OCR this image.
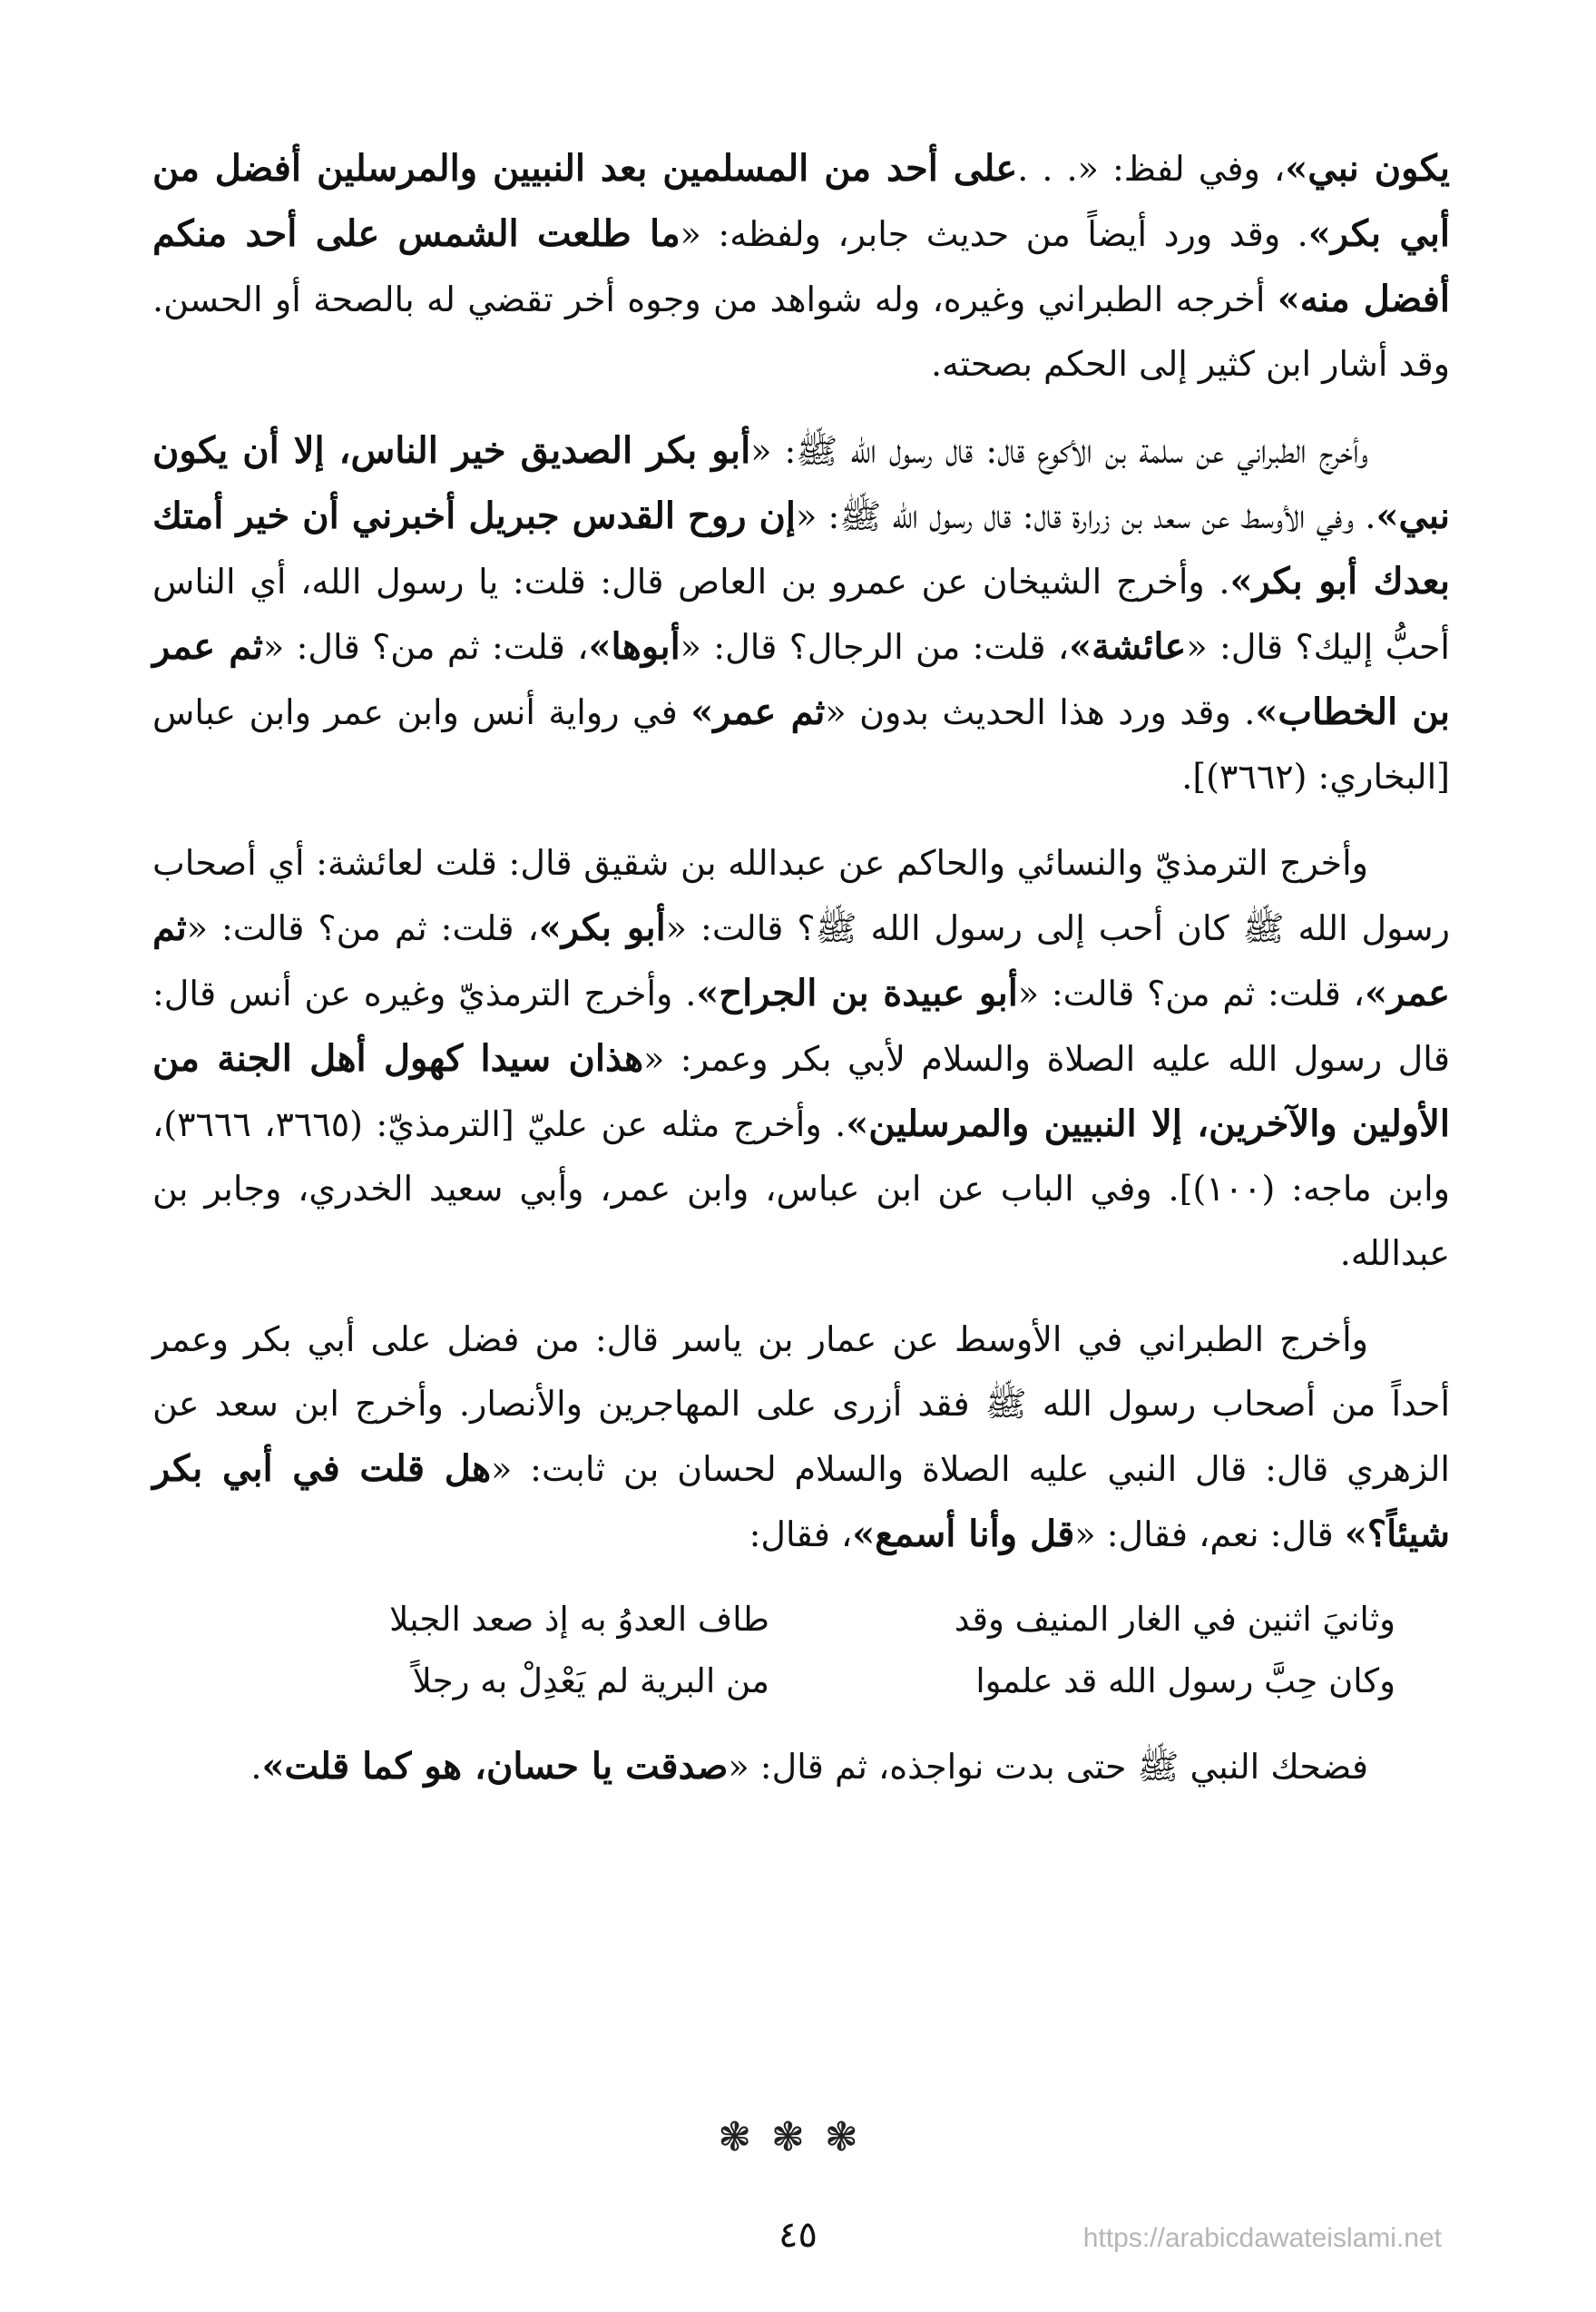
يكون نبي»، وفي لفظ: «. . .على أحد من المسلمين بعد النبيين والمرسلين أفضل من أبي بكر». وقد ورد أيضاً من حديث جابر، ولفظه: «ما طلعت الشمس على أحد منكم أفضل منه» أخرجه الطبراني وغيره، وله شواهد من وجوه أخر تقضي له بالصحة أو الحسن. وقد أشار ابن كثير إلى الحكم بصحته.

وأخرج الطبراني عن سلمة بن الأكوع قال: قال رسول الله ﷺ: «أبو بكر الصديق خير الناس، إلا أن يكون نبي». وفي الأوسط عن سعد بن زرارة قال: قال رسول الله ﷺ: «إن روح القدس جبريل أخبرني أن خير أمتك بعدك أبو بكر». وأخرج الشيخان عن عمرو بن العاص قال: قلت: يا رسول الله، أي الناس أحبُّ إليك؟ قال: «عائشة»، قلت: من الرجال؟ قال: «أبوها»، قلت: ثم من؟ قال: «ثم عمر بن الخطاب». وقد ورد هذا الحديث بدون «ثم عمر» في رواية أنس وابن عمر وابن عباس [البخاري: (٣٦٦٢)].

وأخرج الترمذيّ والنسائي والحاكم عن عبدالله بن شقيق قال: قلت لعائشة: أي أصحاب رسول الله ﷺ كان أحب إلى رسول الله ﷺ؟ قالت: «أبو بكر»، قلت: ثم من؟ قالت: «ثم عمر»، قلت: ثم من؟ قالت: «أبو عبيدة بن الجراح». وأخرج الترمذيّ وغيره عن أنس قال: قال رسول الله عليه الصلاة والسلام لأبي بكر وعمر: «هذان سيدا كهول أهل الجنة من الأولين والآخرين، إلا النبيين والمرسلين». وأخرج مثله عن عليّ [الترمذيّ: (٣٦٦٥، ٣٦٦٦)، وابن ماجه: (١٠٠)]. وفي الباب عن ابن عباس، وابن عمر، وأبي سعيد الخدري، وجابر بن عبدالله.

وأخرج الطبراني في الأوسط عن عمار بن ياسر قال: من فضل على أبي بكر وعمر أحداً من أصحاب رسول الله ﷺ فقد أزرى على المهاجرين والأنصار. وأخرج ابن سعد عن الزهري قال: قال النبي عليه الصلاة والسلام لحسان بن ثابت: «هل قلت في أبي بكر شيئاً؟» قال: نعم، فقال: «قل وأنا أسمع»، فقال:

وثانيَ اثنين في الغار المنيف وقد
طاف العدوُ به إذ صعد الجبلا
وكان حِبَّ رسول الله قد علموا
من البرية لم يَعْدِلْ به رجلاً

فضحك النبي ﷺ حتى بدت نواجذه، ثم قال: «صدقت يا حسان، هو كما قلت».

❃❃❃
٤٥	https://arabicdawateislami.net
